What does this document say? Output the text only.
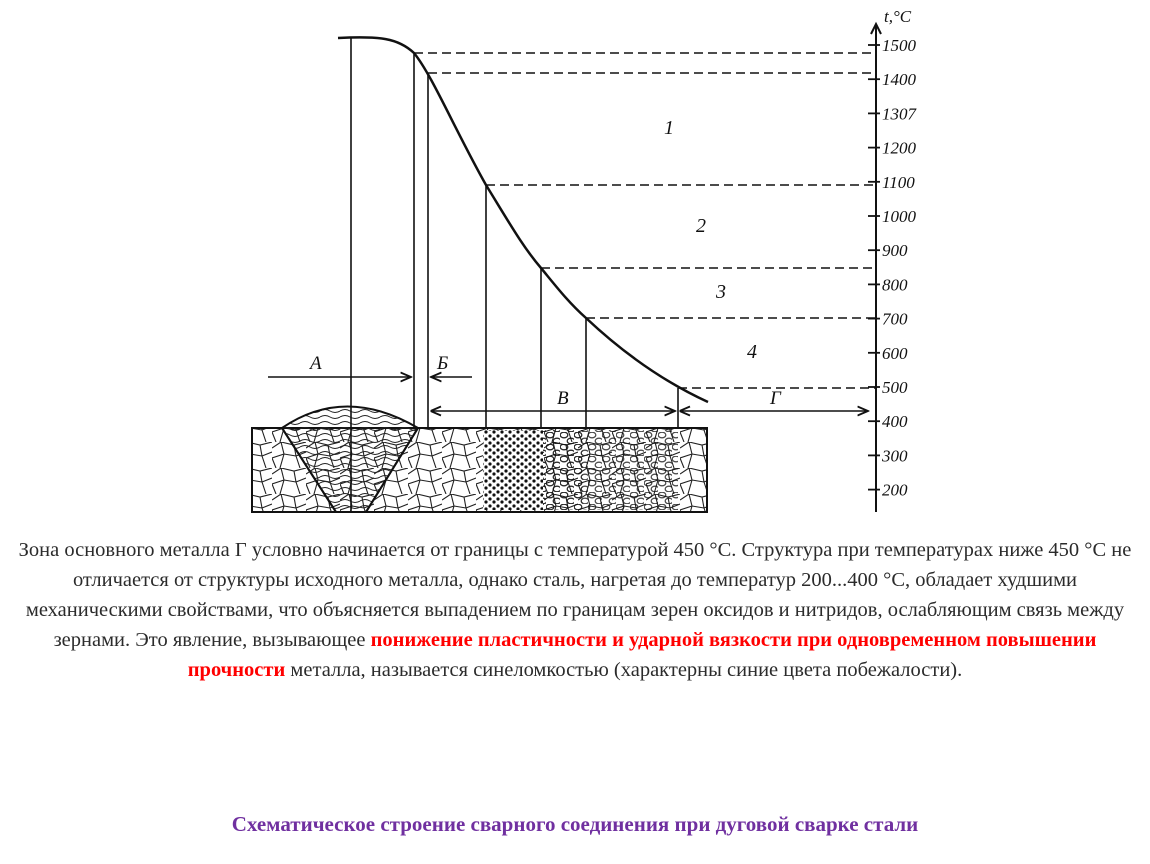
t,°C
1500
1400
1307
1200
1100
1000
900
800
700
600
500
400
300
200
1
2
3
4
А	Б
В	Г
Зона основного металла Г условно начинается от границы с температурой 450 °С. Структура при температурах ниже 450 °С не отличается от структуры исходного металла, однако сталь, нагретая до температур 200...400 °С, обладает худшими механическими свойствами, что объясняется выпадением по границам зерен оксидов и нитридов, ослабляющим связь между зернами. Это явление, вызывающее понижение пластичности и ударной вязкости при одновременном повышении прочности металла, называется синеломкостью (характерны синие цвета побежалости).
Схематическое строение сварного соединения при дуговой сварке стали
